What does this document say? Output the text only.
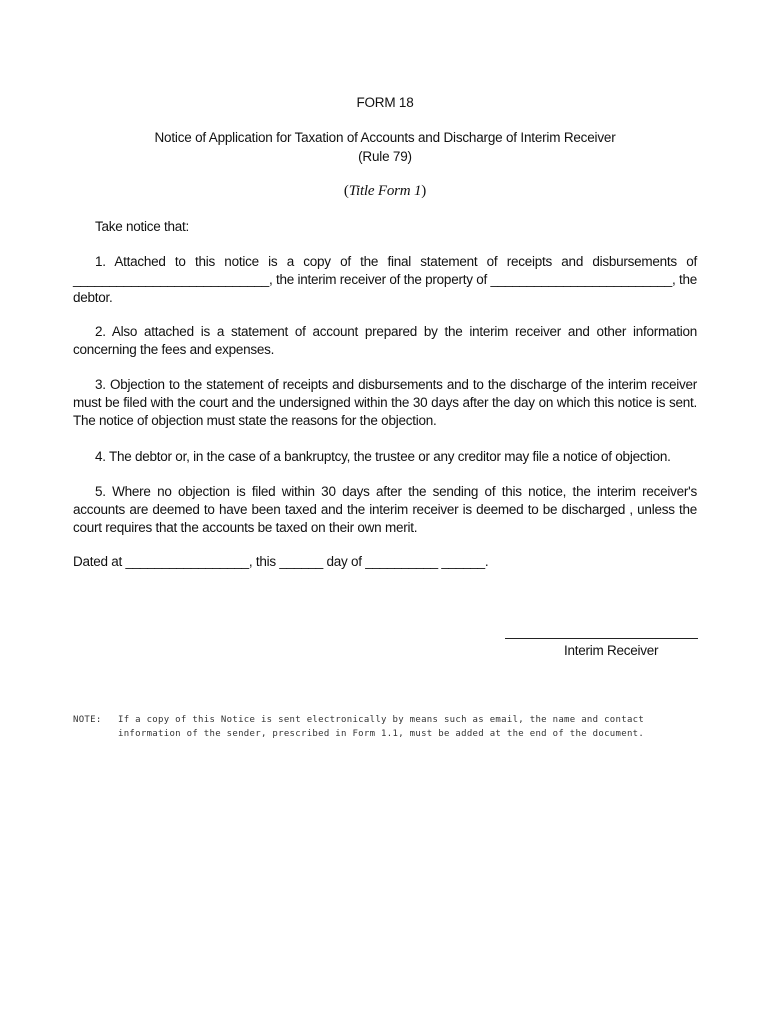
FORM 18
Notice of Application for Taxation of Accounts and Discharge of Interim Receiver
(Rule 79)
(Title Form 1)
Take notice that:
1. Attached to this notice is a copy of the final statement of receipts and disbursements of ___________________________, the interim receiver of the property of _________________________, the debtor.
2. Also attached is a statement of account prepared by the interim receiver and other information concerning the fees and expenses.
3. Objection to the statement of receipts and disbursements and to the discharge of the interim receiver must be filed with the court and the undersigned within the 30 days after the day on which this notice is sent. The notice of objection must state the reasons for the objection.
4. The debtor or, in the case of a bankruptcy, the trustee or any creditor may file a notice of objection.
5. Where no objection is filed within 30 days after the sending of this notice, the interim receiver's accounts are deemed to have been taxed and the interim receiver is deemed to be discharged , unless the court requires that the accounts be taxed on their own merit.
Dated at _________________, this ______ day of __________ ______.
Interim Receiver
NOTE: If a copy of this Notice is sent electronically by means such as email, the name and contact
information of the sender, prescribed in Form 1.1, must be added at the end of the document.
